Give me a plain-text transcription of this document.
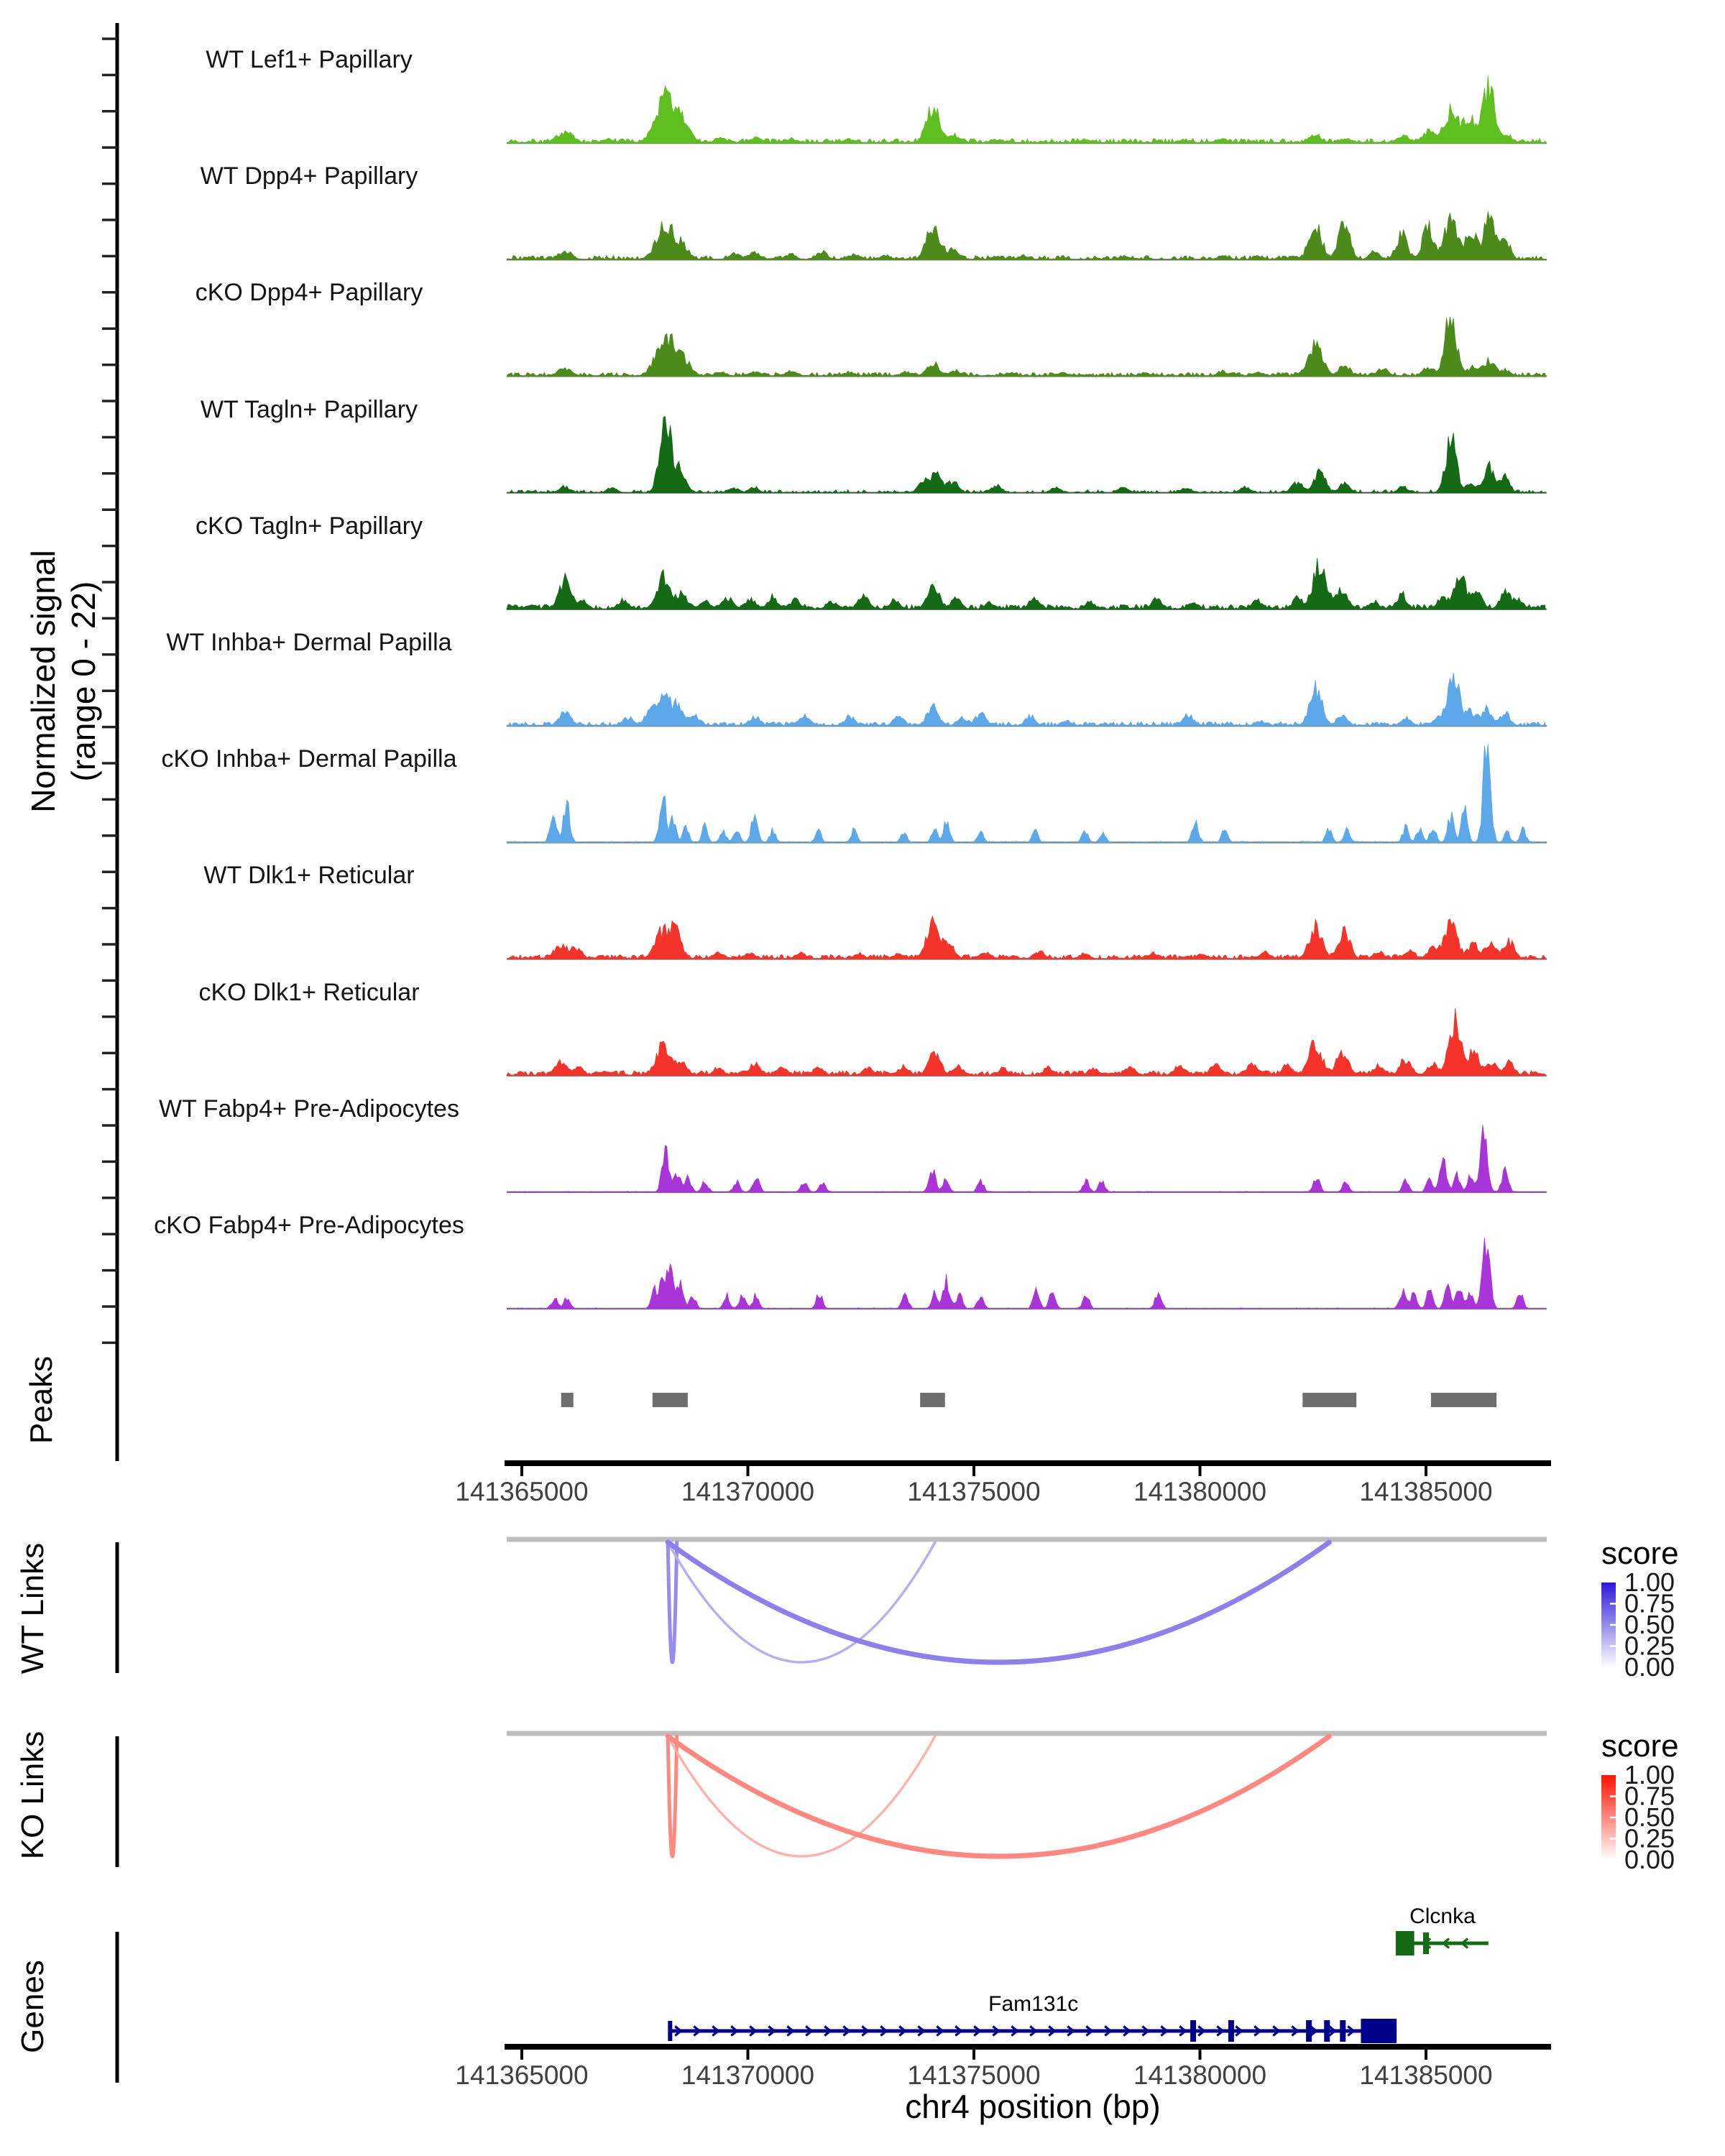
141365000	141370000	141375000	141380000	141385000
141365000	141370000	141375000	141380000	141385000
score
1.00
0.75
0.50
0.25
0.00
score
1.00
0.75
0.50
0.25
0.00
Fam131c
Clcnka
Normalized signal (range 0 - 22)
Peaks
WT Links
KO Links
Genes
chr4 position (bp)
WT Lef1+ Papillary
WT Dpp4+ Papillary
cKO Dpp4+ Papillary
WT Tagln+ Papillary
cKO Tagln+ Papillary
WT Inhba+ Dermal Papilla
cKO Inhba+ Dermal Papilla
WT Dlk1+ Reticular
cKO Dlk1+ Reticular
WT Fabp4+ Pre-Adipocytes
cKO Fabp4+ Pre-Adipocytes
